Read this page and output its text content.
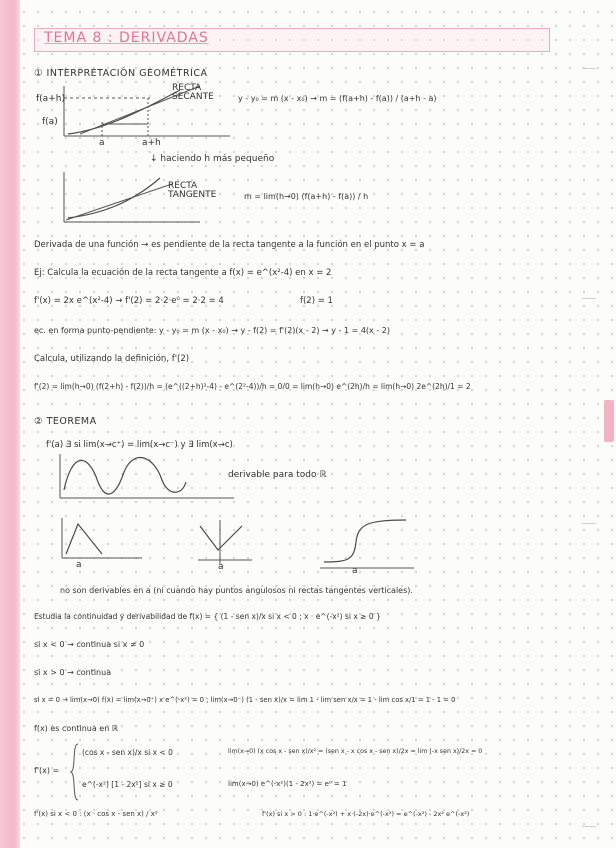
TEMA 8 : DERIVADAS
① INTERPRETACIÓN GEOMÉTRICA
f(a+h)
f(a)
RECTA SECANTE
a	a+h
y - y₀ = m (x - x₀) → m = (f(a+h) - f(a)) / (a+h - a)
↓ haciendo h más pequeño
RECTA TANGENTE	m = lim(h→0) (f(a+h) - f(a)) / h
Derivada de una función → es pendiente de la recta tangente a la función en el punto x = a
Ej: Calcula la ecuación de la recta tangente a f(x) = e^(x²-4) en x = 2
f'(x) = 2x e^(x²-4) → f'(2) = 2·2·e⁰ = 2·2 = 4	f(2) = 1
ec. en forma punto-pendiente: y - y₀ = m (x - x₀) → y - f(2) = f'(2)(x - 2) → y - 1 = 4(x - 2)
Calcula, utilizando la definición, f'(2)
f'(2) = lim(h→0) (f(2+h) - f(2))/h = (e^((2+h)²-4) - e^(2²-4))/h = 0/0 = lim(h→0) e^(2h)/h = lim(h→0) 2e^(2h)/1 = 2
② TEOREMA
f'(a) ∃ si lim(x→c⁺) = lim(x→c⁻) y ∃ lim(x→c)
derivable para todo ℝ
a	a	a
no son derivables en a (ni cuando hay puntos angulosos ni rectas tangentes verticales).
Estudia la continuidad y derivabilidad de f(x) = { (1 - sen x)/x si x < 0 ; x · e^(-x²) si x ≥ 0 }
si x < 0 → continua si x ≠ 0
si x > 0 → continua
si x = 0 → lim(x→0) f(x) = lim(x→0⁺) x e^(-x²) = 0 ; lim(x→0⁻) (1 - sen x)/x = lim 1 - lim sen x/x = 1 - lim cos x/1 = 1 - 1 = 0
f(x) es continua en ℝ
f'(x) =
(cos x - sen x)/x si x < 0
e^(-x²) [1 - 2x²] si x ≥ 0
lim(x→0) (x cos x - sen x)/x² = (sen x - x cos x - sen x)/2x = lim (-x sen x)/2x = 0
lim(x→0) e^(-x²)(1 - 2x²) = e⁰ = 1
f'(x) si x < 0 : (x · cos x - sen x) / x²	f'(x) si x > 0 : 1·e^(-x²) + x·(-2x)·e^(-x²) = e^(-x²) - 2x² e^(-x²)
